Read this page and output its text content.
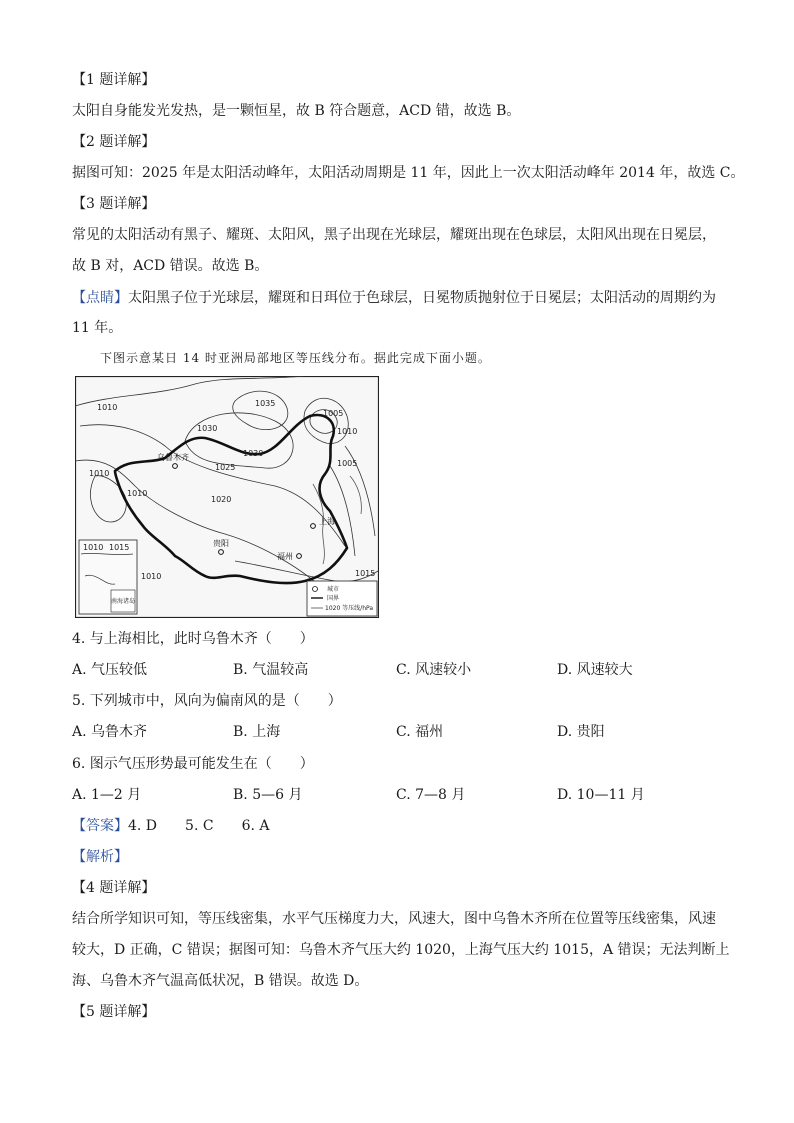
【1 题详解】
太阳自身能发光发热，是一颗恒星，故 B 符合题意，ACD 错，故选 B。
【2 题详解】
据图可知：2025 年是太阳活动峰年，太阳活动周期是 11 年，因此上一次太阳活动峰年 2014 年，故选 C。
【3 题详解】
常见的太阳活动有黑子、耀斑、太阳风，黑子出现在光球层，耀斑出现在色球层，太阳风出现在日冕层，
故 B 对，ACD 错误。故选 B。
【点睛】太阳黑子位于光球层，耀斑和日珥位于色球层，日冕物质抛射位于日冕层；太阳活动的周期约为
11 年。
下图示意某日 14 时亚洲局部地区等压线分布。据此完成下面小题。
1010	1035
1030
1005
1010
1030
1025	1005
1010
1010
1020
1010 1015
1010	1015
乌鲁木齐
上海
贵阳
福州
城市
国界
1020 等压线/hPa
南海诸岛
4. 与上海相比，此时乌鲁木齐（　　）
A. 气压较低	B. 气温较高	C. 风速较小	D. 风速较大
5. 下列城市中，风向为偏南风的是（　　）
A. 乌鲁木齐	B. 上海	C. 福州	D. 贵阳
6. 图示气压形势最可能发生在（　　）
A. 1—2 月	B. 5—6 月	C. 7—8 月	D. 10—11 月
【答案】4. D 5. C 6. A
【解析】
【4 题详解】
结合所学知识可知，等压线密集，水平气压梯度力大，风速大，图中乌鲁木齐所在位置等压线密集，风速
较大，D 正确，C 错误；据图可知：乌鲁木齐气压大约 1020，上海气压大约 1015，A 错误；无法判断上
海、乌鲁木齐气温高低状况，B 错误。故选 D。
【5 题详解】
